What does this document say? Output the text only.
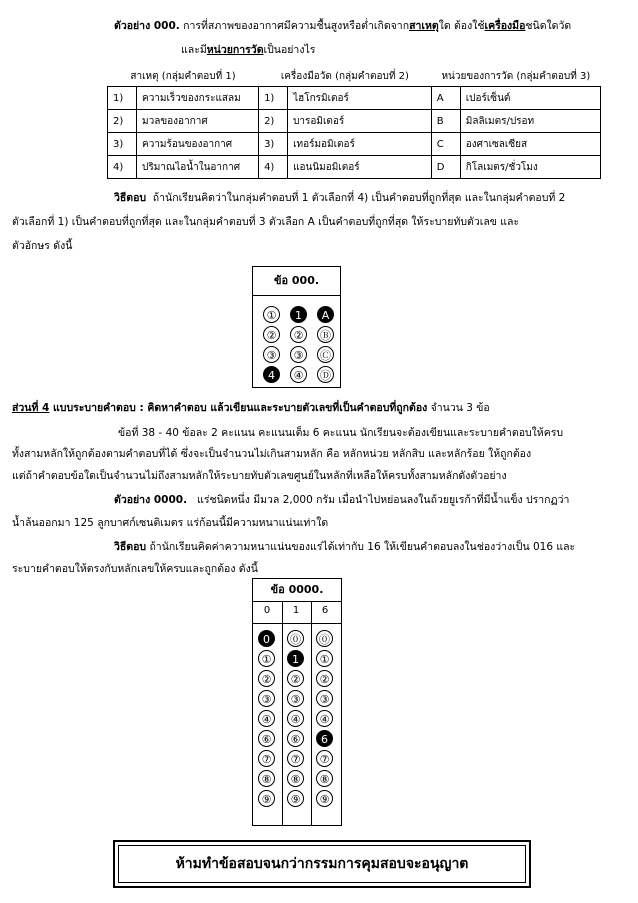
ตัวอย่าง 000. การที่สภาพของอากาศมีความชื้นสูงหรือต่ำเกิดจากสาเหตุใด ต้องใช้เครื่องมือชนิดใดวัด
และมีหน่วยการวัดเป็นอย่างไร
สาเหตุ (กลุ่มคำตอบที่ 1)		เครื่องมือวัด (กลุ่มคำตอบที่ 2)		หน่วยของการวัด (กลุ่มคำตอบที่ 3)	
1)	ความเร็วของกระแสลม	1)	ไฮโกรมิเตอร์	A	เปอร์เซ็นต์
2)	มวลของอากาศ	2)	บารอมิเตอร์	B	มิลลิเมตร/ปรอท
3)	ความร้อนของอากาศ	3)	เทอร์มอมิเตอร์	C	องศาเซลเซียส
4)	ปริมาณไอน้ำในอากาศ	4)	แอนนิมอมิเตอร์	D	กิโลเมตร/ชั่วโมง
วิธีตอบ ถ้านักเรียนคิดว่าในกลุ่มคำตอบที่ 1 ตัวเลือกที่ 4) เป็นคำตอบที่ถูกที่สุด และในกลุ่มคำตอบที่ 2
ตัวเลือกที่ 1) เป็นคำตอบที่ถูกที่สุด และในกลุ่มคำตอบที่ 3 ตัวเลือก A เป็นคำตอบที่ถูกที่สุด ให้ระบายทับตัวเลข และ
ตัวอักษร ดังนี้
ข้อ 000.
①	1	A
②	②	Ⓑ
③	③	Ⓒ
4	④	Ⓓ
ส่วนที่ 4 แบบระบายคำตอบ : คิดหาคำตอบ แล้วเขียนและระบายตัวเลขที่เป็นคำตอบที่ถูกต้อง จำนวน 3 ข้อ
ข้อที่ 38 - 40 ข้อละ 2 คะแนน คะแนนเต็ม 6 คะแนน นักเรียนจะต้องเขียนและระบายคำตอบให้ครบ
ทั้งสามหลักให้ถูกต้องตามคำตอบที่ได้ ซึ่งจะเป็นจำนวนไม่เกินสามหลัก คือ หลักหน่วย หลักสิบ และหลักร้อย ให้ถูกต้อง
แต่ถ้าคำตอบข้อใดเป็นจำนวนไม่ถึงสามหลักให้ระบายทับตัวเลขศูนย์ในหลักที่เหลือให้ครบทั้งสามหลักดังตัวอย่าง
ตัวอย่าง 0000. แร่ชนิดหนึ่ง มีมวล 2,000 กรัม เมื่อนำไปหย่อนลงในถ้วยยูเรก้าที่มีน้ำแข็ง ปรากฏว่า
น้ำล้นออกมา 125 ลูกบาศก์เซนติเมตร แร่ก้อนนี้มีความหนาแน่นเท่าใด
วิธีตอบ ถ้านักเรียนคิดค่าความหนาแน่นของแร่ได้เท่ากับ 16 ให้เขียนคำตอบลงในช่องว่างเป็น 016 และ
ระบายคำตอบให้ตรงกับหลักเลขให้ครบและถูกต้อง ดังนี้
ข้อ 0000.
0 1 6
0	⓪ ⓪
①	1	①
②	②	②
③	③	③
④	④	④
⑥	⑥	6
⑦	⑦	⑦
⑧	⑧	⑧
⑨	⑨	⑨
ห้ามทำข้อสอบจนกว่ากรรมการคุมสอบจะอนุญาต
